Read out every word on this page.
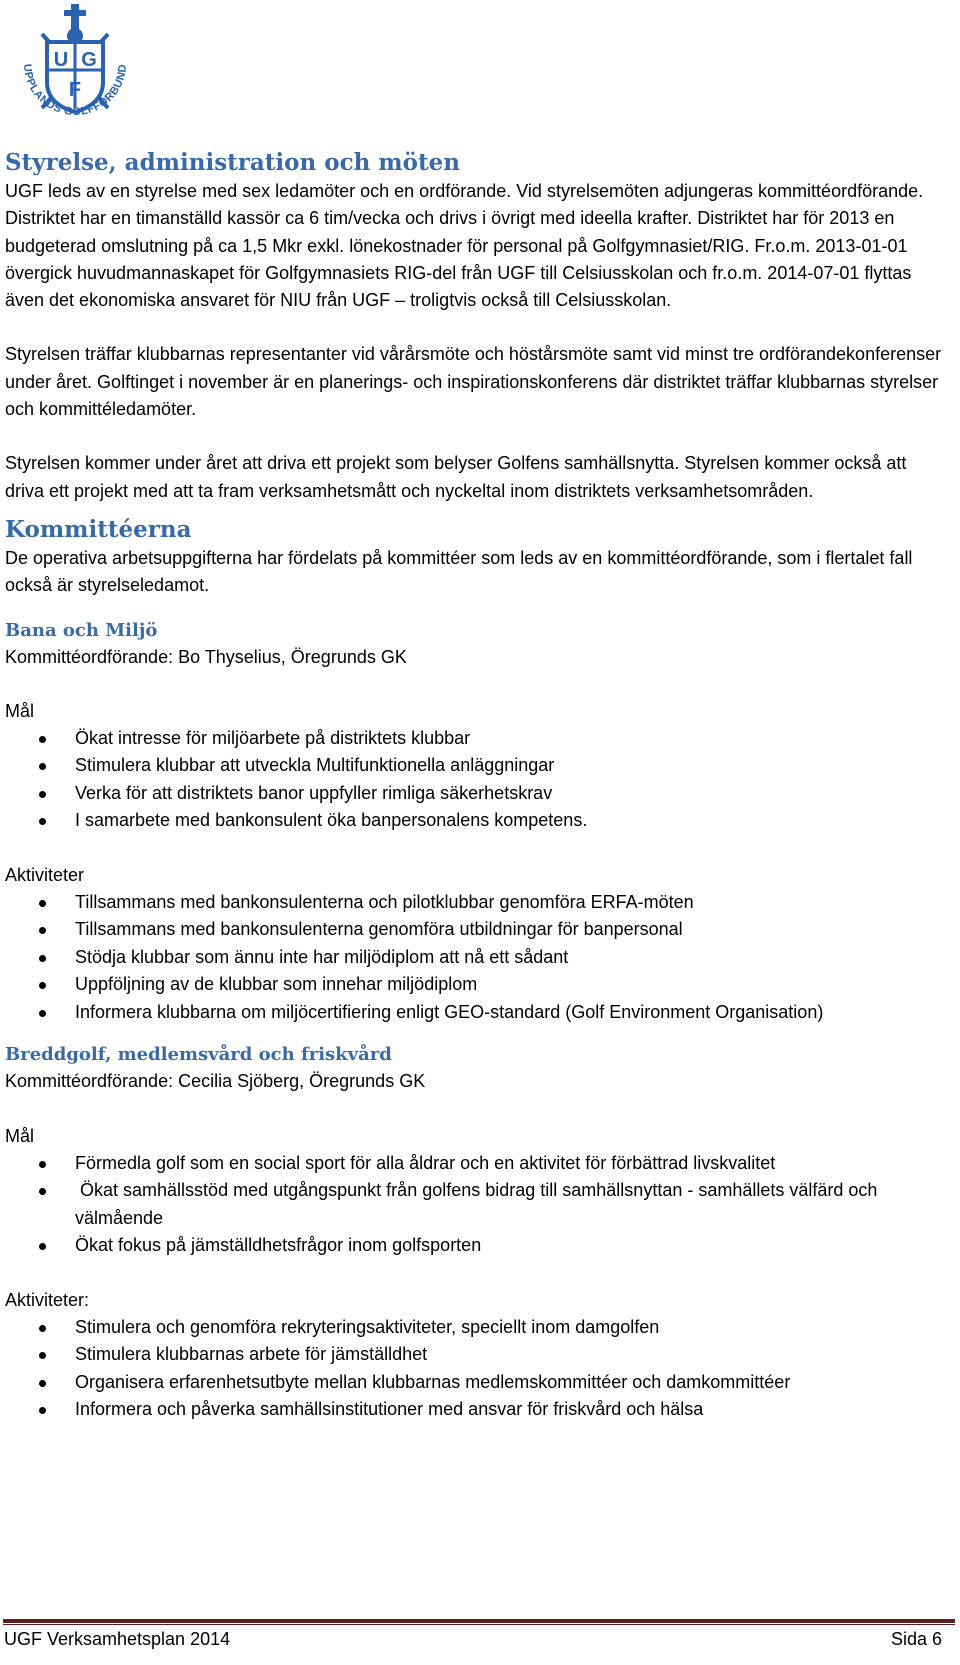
U G
F
UPPLANDS GOLFFÖRBUND
Styrelse, administration och möten

UGF leds av en styrelse med sex ledamöter och en ordförande. Vid styrelsemöten adjungeras kommittéordförande. Distriktet har en timanställd kassör ca 6 tim/vecka och drivs i övrigt med ideella krafter. Distriktet har för 2013 en budgeterad omslutning på ca 1,5 Mkr exkl. lönekostnader för personal på Golfgymnasiet/RIG. Fr.o.m. 2013-01-01 övergick huvudmannaskapet för Golfgymnasiets RIG-del från UGF till Celsiusskolan och fr.o.m. 2014-07-01 flyttas även det ekonomiska ansvaret för NIU från UGF – troligtvis också till Celsiusskolan.

Styrelsen träffar klubbarnas representanter vid vårårsmöte och höstårsmöte samt vid minst tre ordförandekonferenser under året. Golftinget i november är en planerings- och inspirationskonferens där distriktet träffar klubbarnas styrelser och kommittéledamöter.

Styrelsen kommer under året att driva ett projekt som belyser Golfens samhällsnytta. Styrelsen kommer också att driva ett projekt med att ta fram verksamhetsmått och nyckeltal inom distriktets verksamhetsområden.

Kommittéerna

De operativa arbetsuppgifterna har fördelats på kommittéer som leds av en kommittéordförande, som i flertalet fall också är styrelseledamot.

Bana och Miljö

Kommittéordförande: Bo Thyselius, Öregrunds GK

Mål

Ökat intresse för miljöarbete på distriktets klubbar
Stimulera klubbar att utveckla Multifunktionella anläggningar
Verka för att distriktets banor uppfyller rimliga säkerhetskrav
I samarbete med bankonsulent öka banpersonalens kompetens.

Aktiviteter

Tillsammans med bankonsulenterna och pilotklubbar genomföra ERFA-möten
Tillsammans med bankonsulenterna genomföra utbildningar för banpersonal
Stödja klubbar som ännu inte har miljödiplom att nå ett sådant
Uppföljning av de klubbar som innehar miljödiplom
Informera klubbarna om miljöcertifiering enligt GEO-standard (Golf Environment Organisation)
Breddgolf, medlemsvård och friskvård

Kommittéordförande: Cecilia Sjöberg, Öregrunds GK

Mål

Förmedla golf som en social sport för alla åldrar och en aktivitet för förbättrad livskvalitet
Ökat samhällsstöd med utgångspunkt från golfens bidrag till samhällsnyttan - samhällets välfärd och välmående
Ökat fokus på jämställdhetsfrågor inom golfsporten

Aktiviteter:

Stimulera och genomföra rekryteringsaktiviteter, speciellt inom damgolfen
Stimulera klubbarnas arbete för jämställdhet
Organisera erfarenhetsutbyte mellan klubbarnas medlemskommittéer och damkommittéer
Informera och påverka samhällsinstitutioner med ansvar för friskvård och hälsa
UGF Verksamhetsplan 2014	Sida 6
